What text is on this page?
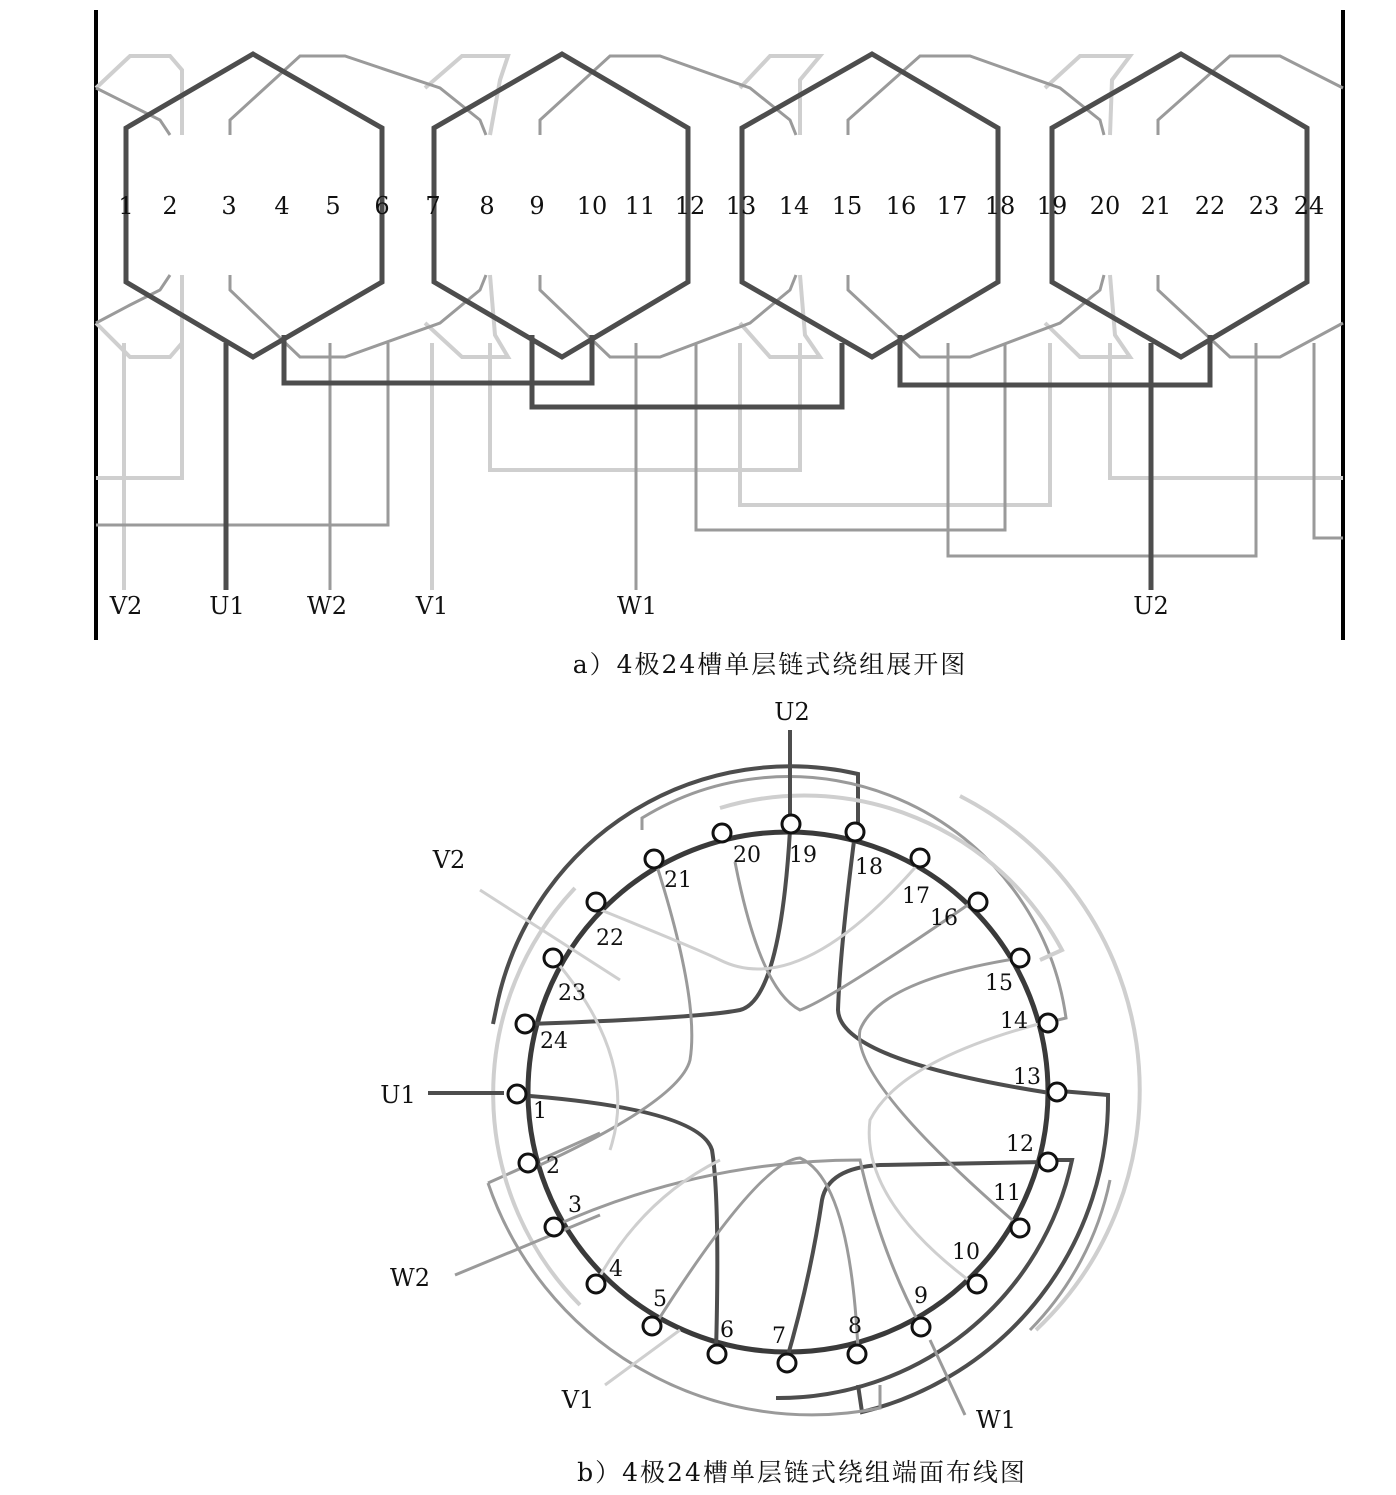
1 2 3 4 5 6 7 8 9 10 11 12 13 14 15 16 17 18 19 20 21 22 23 24
V2	U1	W2	V1	W1	U2
a）4极24槽单层链式绕组展开图
1
2
3
4
5
6 7	8
9
10
11
12
13
14
15
16
17
18
19
20
21
22
23
24
U2
V2
U1
W2
V1
W1
b）4极24槽单层链式绕组端面布线图
